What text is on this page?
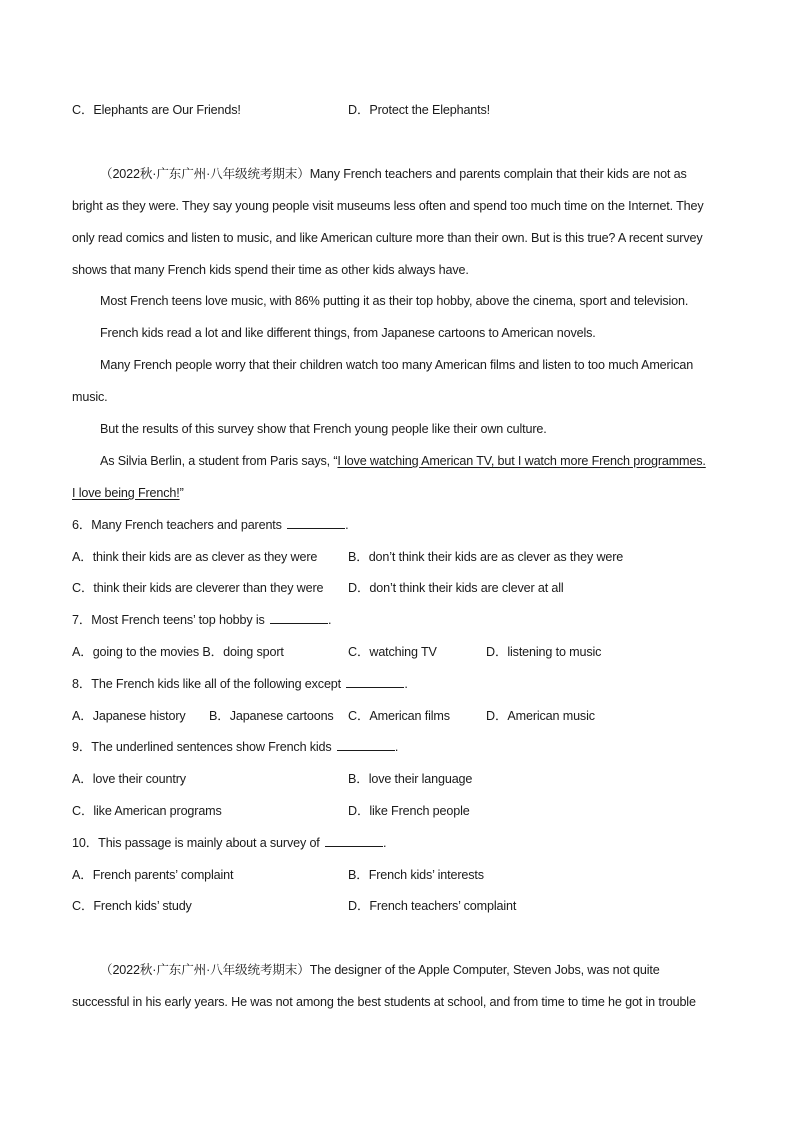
C．Elephants are Our Friends!	D．Protect the Elephants!
（2022秋·广东广州·八年级统考期末）Many French teachers and parents complain that their kids are not as
bright as they were. They say young people visit museums less often and spend too much time on the Internet. They
only read comics and listen to music, and like American culture more than their own. But is this true? A recent survey
shows that many French kids spend their time as other kids always have.
Most French teens love music, with 86% putting it as their top hobby, above the cinema, sport and television.
French kids read a lot and like different things, from Japanese cartoons to American novels.
Many French people worry that their children watch too many American films and listen to too much American
music.
But the results of this survey show that French young people like their own culture.
As Silvia Berlin, a student from Paris says, “I love watching American TV, but I watch more French programmes.
I love being French!”
6．Many French teachers and parents	.
A．think their kids are as clever as they were B．don’t think their kids are as clever as they were
C．think their kids are cleverer than they were D．don’t think their kids are clever at all
7．Most French teens’ top hobby is	.
A．going to the movies B．doing sport	C．watching TV	D．listening to music
8．The French kids like all of the following except	.
A．Japanese history B．Japanese cartoons C．American films	D．American music
9．The underlined sentences show French kids	.
A．love their country	B．love their language
C．like American programs	D．like French people
10．This passage is mainly about a survey of	.
A．French parents’ complaint	B．French kids’ interests
C．French kids’ study	D．French teachers’ complaint
（2022秋·广东广州·八年级统考期末）The designer of the Apple Computer, Steven Jobs, was not quite
successful in his early years. He was not among the best students at school, and from time to time he got in trouble
